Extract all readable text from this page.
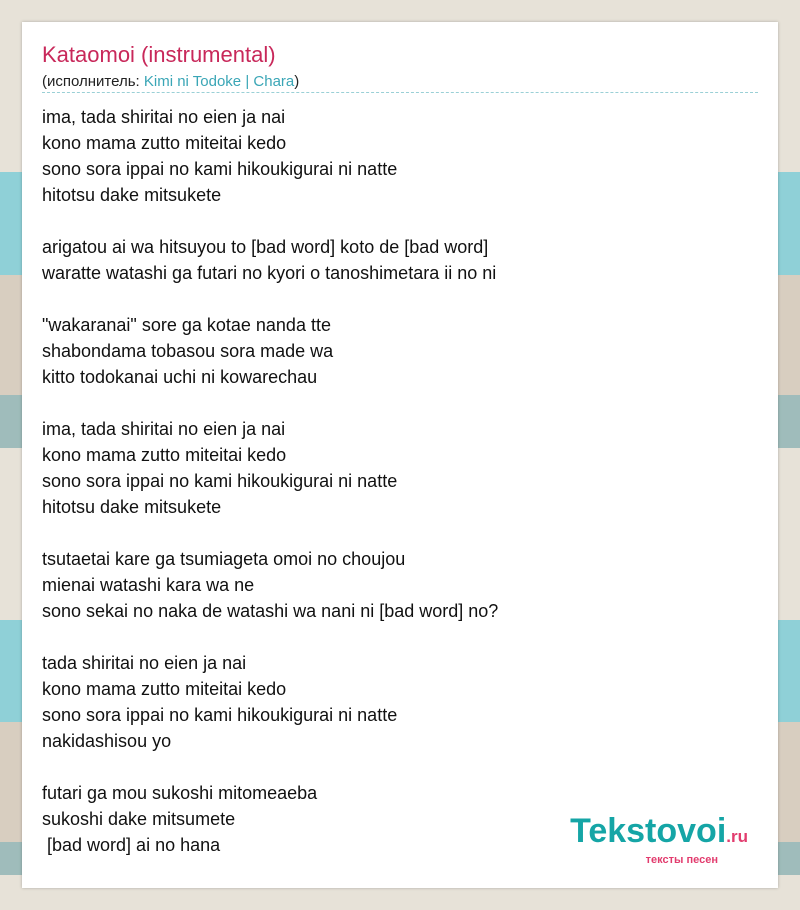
Kataomoi (instrumental)
(исполнитель: Kimi ni Todoke | Chara)
ima, tada shiritai no eien ja nai
kono mama zutto miteitai kedo
sono sora ippai no kami hikoukigurai ni natte
hitotsu dake mitsukete
arigatou ai wa hitsuyou to [bad word] koto de [bad word]
waratte watashi ga futari no kyori o tanoshimetara ii no ni
"wakaranai" sore ga kotae nanda tte
shabondama tobasou sora made wa
kitto todokanai uchi ni kowarechau
ima, tada shiritai no eien ja nai
kono mama zutto miteitai kedo
sono sora ippai no kami hikoukigurai ni natte
hitotsu dake mitsukete
tsutaetai kare ga tsumiageta omoi no choujou
mienai watashi kara wa ne
sono sekai no naka de watashi wa nani ni [bad word] no?
tada shiritai no eien ja nai
kono mama zutto miteitai kedo
sono sora ippai no kami hikoukigurai ni natte
nakidashisou yo
futari ga mou sukoshi mitomeaeba
sukoshi dake mitsumete
[bad word] ai no hana	Tekstovoi.ru
тексты песен
